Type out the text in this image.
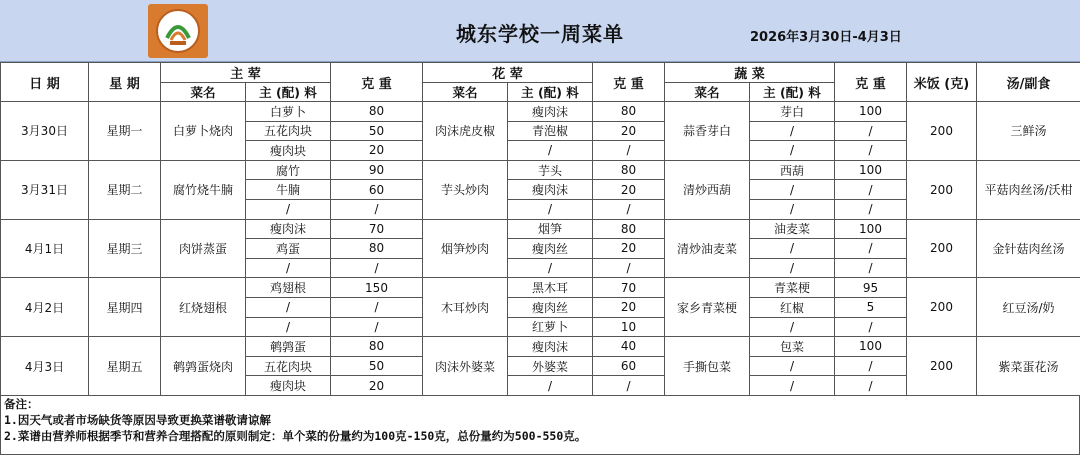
城东学校一周菜单	2026年3月30日-4月3日
日 期	星 期	主 荤		克 重	花 荤		克 重	蔬 菜		克 重	米饭 (克)	汤/副食
		菜名	主 (配) 料		菜名	主 (配) 料		菜名	主 (配) 料			
3月30日	星期一	白萝卜烧肉	白萝卜	80	肉沫虎皮椒	瘦肉沫	80	蒜香芽白	芽白	100	200	三鲜汤
			五花肉块	50		青泡椒	20		/	/		
			瘦肉块	20		/	/		/	/		
3月31日	星期二	腐竹烧牛腩	腐竹	90	芋头炒肉	芋头	80	清炒西葫	西葫	100	200	平菇肉丝汤/沃柑
			牛腩	60		瘦肉沫	20		/	/		
			/	/		/	/		/	/		
4月1日	星期三	肉饼蒸蛋	瘦肉沫	70	烟笋炒肉	烟笋	80	清炒油麦菜	油麦菜	100	200	金针菇肉丝汤
			鸡蛋	80		瘦肉丝	20		/	/		
			/	/		/	/		/	/		
4月2日	星期四	红烧翅根	鸡翅根	150	木耳炒肉	黑木耳	70	家乡青菜梗	青菜梗	95	200	红豆汤/奶
			/	/		瘦肉丝	20		红椒	5		
			/	/		红萝卜	10		/	/		
4月3日	星期五	鹌鹑蛋烧肉	鹌鹑蛋	80	肉沫外婆菜	瘦肉沫	40	手撕包菜	包菜	100	200	紫菜蛋花汤
			五花肉块	50		外婆菜	60		/	/		
			瘦肉块	20		/	/		/	/		
备注：
1.因天气或者市场缺货等原因导致更换菜谱敬请谅解
2.菜谱由营养师根据季节和营养合理搭配的原则制定：单个菜的份量约为100克-150克，总份量约为500-550克。
